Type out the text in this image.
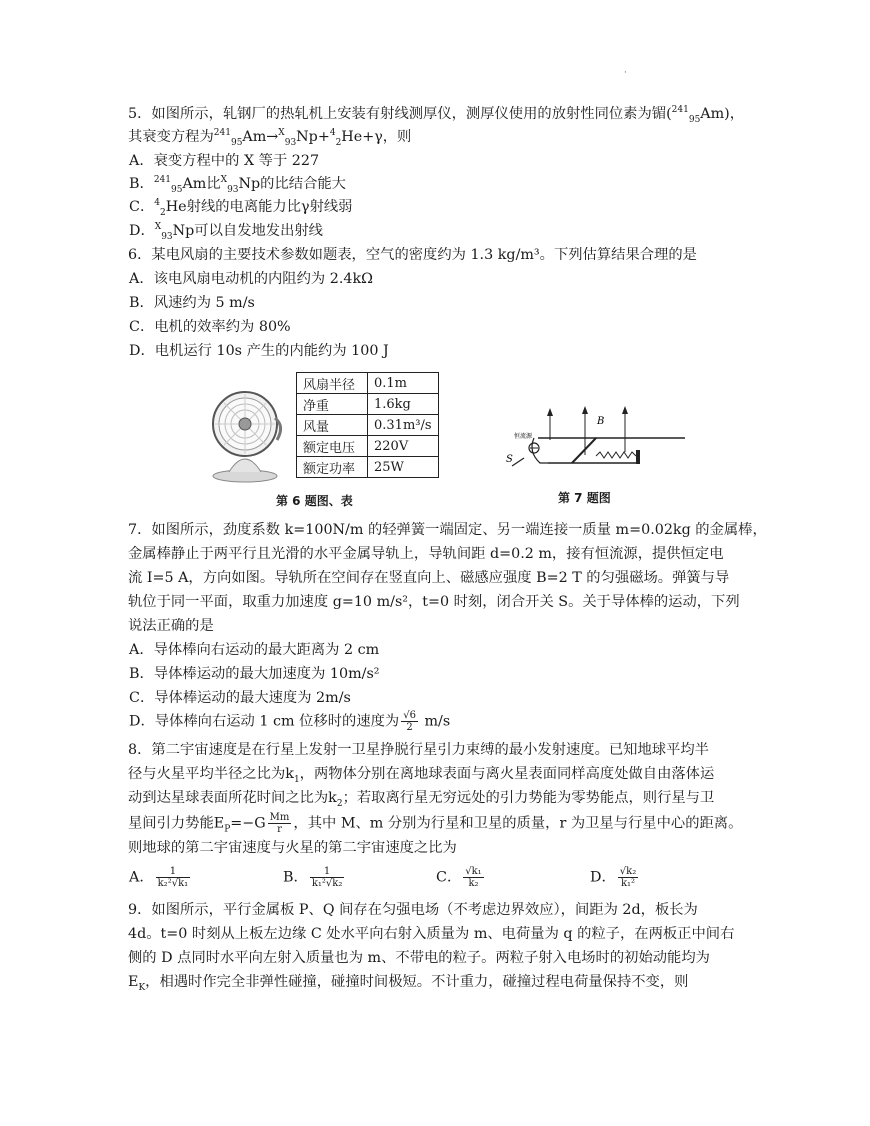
·
5．如图所示，轧钢厂的热轧机上安装有射线测厚仪，测厚仪使用的放射性同位素为镅($^{241}_{95}$Am)，
其衰变方程为$^{241}_{95}$Am→$^X_{93}$Np+$^4_2$He+γ，则
A．衰变方程中的 X 等于 227
B．$^{241}_{95}$Am比$^X_{93}$Np的比结合能大
C．$^4_2$He射线的电离能力比γ射线弱
D．$^X_{93}$Np可以自发地发出射线
6．某电风扇的主要技术参数如题表，空气的密度约为 1.3 kg/m³。下列估算结果合理的是
A．该电风扇电动机的内阻约为 2.4kΩ
B．风速约为 5 m/s
C．电机的效率约为 80%
D．电机运行 10s 产生的内能约为 100 J
风扇半径	0.1m
净重	1.6kg
风量	0.31m³/s
额定电压	220V
额定功率	25W
第 6 题图、表
恒流源
B
S
第 7 题图
7．如图所示，劲度系数 k=100N/m 的轻弹簧一端固定、另一端连接一质量 m=0.02kg 的金属棒，
金属棒静止于两平行且光滑的水平金属导轨上，导轨间距 d=0.2 m，接有恒流源，提供恒定电
流 I=5 A，方向如图。导轨所在空间存在竖直向上、磁感应强度 B=2 T 的匀强磁场。弹簧与导
轨位于同一平面，取重力加速度 g=10 m/s²，t=0 时刻，闭合开关 S。关于导体棒的运动，下列
说法正确的是
A．导体棒向右运动的最大距离为 2 cm
B．导体棒运动的最大加速度为 10m/s²
C．导体棒运动的最大速度为 2m/s
D．导体棒向右运动 1 cm 位移时的速度为 $\frac{√6}{2} m/s$
8．第二宇宙速度是在行星上发射一卫星挣脱行星引力束缚的最小发射速度。已知地球平均半
径与火星平均半径之比为$k_1$，两物体分别在离地球表面与离火星表面同样高度处做自由落体运
动到达星球表面所花时间之比为$k_2$；若取离行星无穷远处的引力势能为零势能点，则行星与卫
星间引力势能$E_P=-G \frac{Mm}{r}$ ，其中 M、m 分别为行星和卫星的质量，r 为卫星与行星中心的距离。
则地球的第二宇宙速度与火星的第二宇宙速度之比为
A． $\frac{1}{\text{k₂²√k₁}}$	B． $\frac{1}{\text{k₁²√k₂}}$	C． $\frac{\text{√k₁}}{\text{k₂}}$	D． $\frac{\text{√k₂}}{\text{k₁²}}$
9．如图所示，平行金属板 P、Q 间存在匀强电场（不考虑边界效应），间距为 2d，板长为
4d。t=0 时刻从上板左边缘 C 处水平向右射入质量为 m、电荷量为 q 的粒子，在两板正中间右
侧的 D 点同时水平向左射入质量也为 m、不带电的粒子。两粒子射入电场时的初始动能均为
$E_K$，相遇时作完全非弹性碰撞，碰撞时间极短。不计重力，碰撞过程电荷量保持不变，则
